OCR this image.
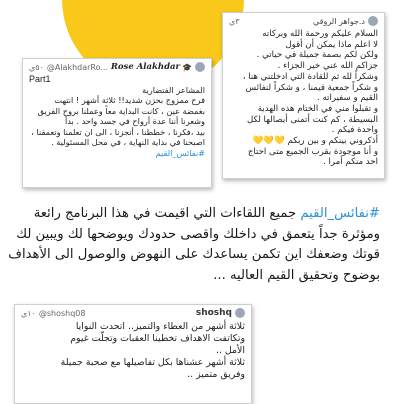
٣ي	د.جواهر الروقي

السلام عليكم ورحمة الله وبركاته

لا اعلم ماذا يمكن أن أقول

ولكن لكم بصمة جميلة في حياتي .

جزاكم الله عني خير الجزاء .

وشكراً لله ثم للقادة التي ادخلتني هنا ،

و شكراً جمعية قيمنا ، و شكراً لنفائس

القيم و سفيراته .

و تقبلوا مني في الختام هذه الهدية

البسيطة ، كم كنت أتمنى أيصالها لكل

واحدة فيكم .

أذكروني بينكم و بين ربكم 💛💛💛

و أنا موجودة بقرب الجميع متى احتاج

احد منكم أمرا .

٥٠ي @AlakhdarRo... Rose Alakhdar 🎓

Part1

المشاعر الفتضارية

فرح ممزوج بحزن شديد!! ثلاثة أشهر ! انتهت

بغمضة عين ، كانت البداية معاً وعملنا بروح الفريق

وشعرنا أننا عدة أرواح في جسد واحد . بدأ

بيد ،فكرنا ، خططنا ، أنجزنا ، الى ان تعلمنا وتعمقنا ،

اصبحنا في بداية النهاية ، في محل المسئولية .

#نفائس_القيم

#نفائس_القيم جميع اللقاءات التي اقيمت في هذا البرنامج رائعة ومؤثرة جداً يتعمق في داخلك واقصى حدودك ويوضحها لك ويبين لك قوتك وضعفك اين تكمن يساعدك على النهوض والوصول الى الأهداف بوضوح وتحقيق القيم العاليه ...
١٠ي @shoshq08	shoshq

ثلاثة أشهر من العطاء والتميز.. اتحدت النوايا

وتكاتفت الاهداف تخطينا العقبات وتجلّت غيوم

الأمل ..

ثلاثة أشهر عشناها بكل تفاصيلها مع صحبة جميلة

وفريق متميز ..
